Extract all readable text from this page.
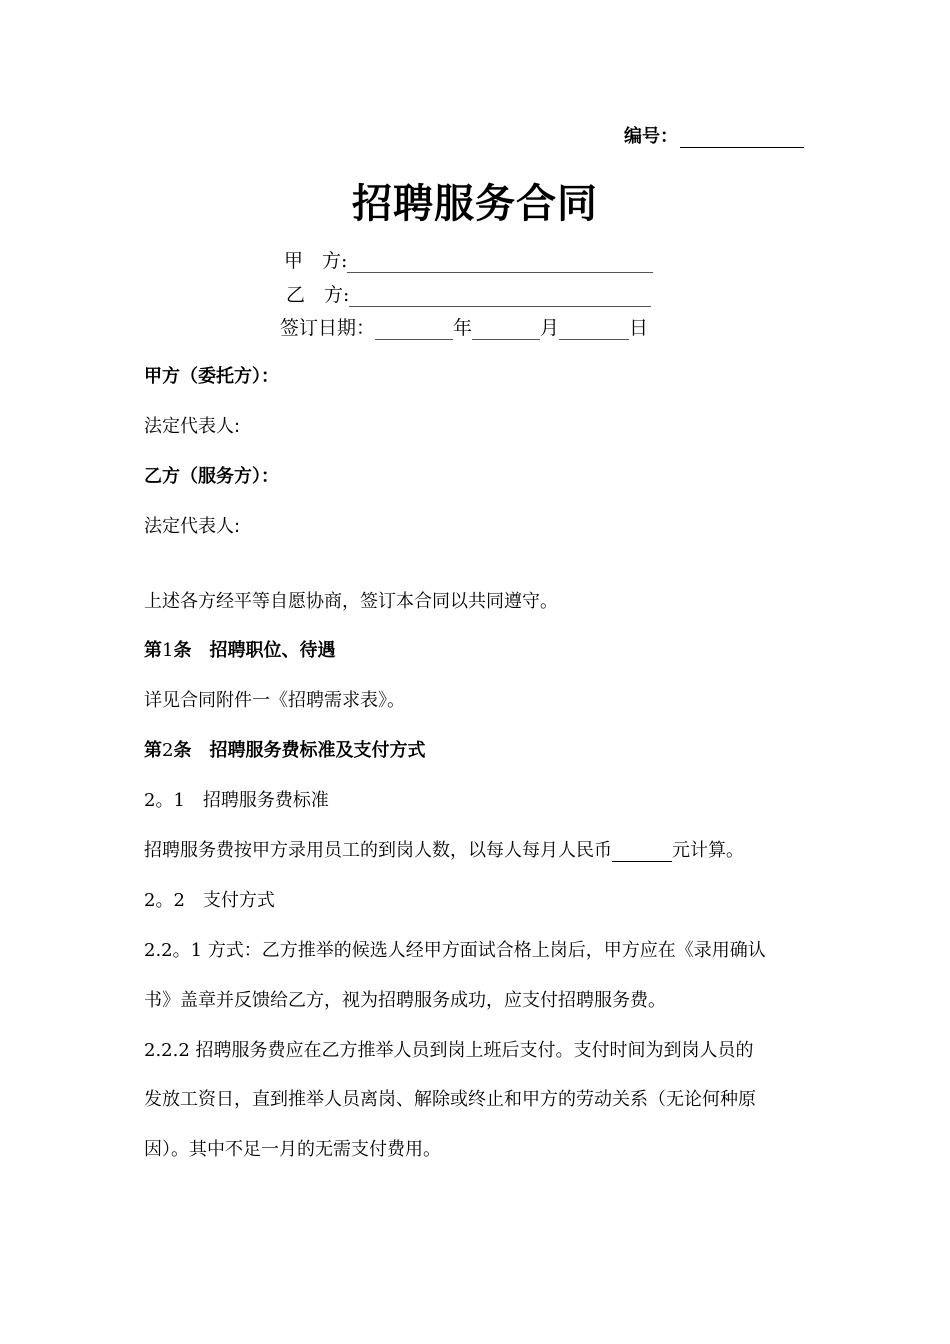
编号：
招聘服务合同
甲　方:
乙　方:
签订日期：	年	月	日
甲方（委托方）：
法定代表人:
乙方（服务方）：
法定代表人:
上述各方经平等自愿协商，签订本合同以共同遵守。
第1条　招聘职位、待遇
详见合同附件一《招聘需求表》。
第2条　招聘服务费标准及支付方式
2。1　 招聘服务费标准
招聘服务费按甲方录用员工的到岗人数，以每人每月人民币	元计算。
2。2　 支付方式
2.2。1 方式：乙方推举的候选人经甲方面试合格上岗后，甲方应在《录用确认
书》盖章并反馈给乙方，视为招聘服务成功，应支付招聘服务费。
2.2.2 招聘服务费应在乙方推举人员到岗上班后支付。支付时间为到岗人员的
发放工资日，直到推举人员离岗、解除或终止和甲方的劳动关系（无论何种原
因）。其中不足一月的无需支付费用。
